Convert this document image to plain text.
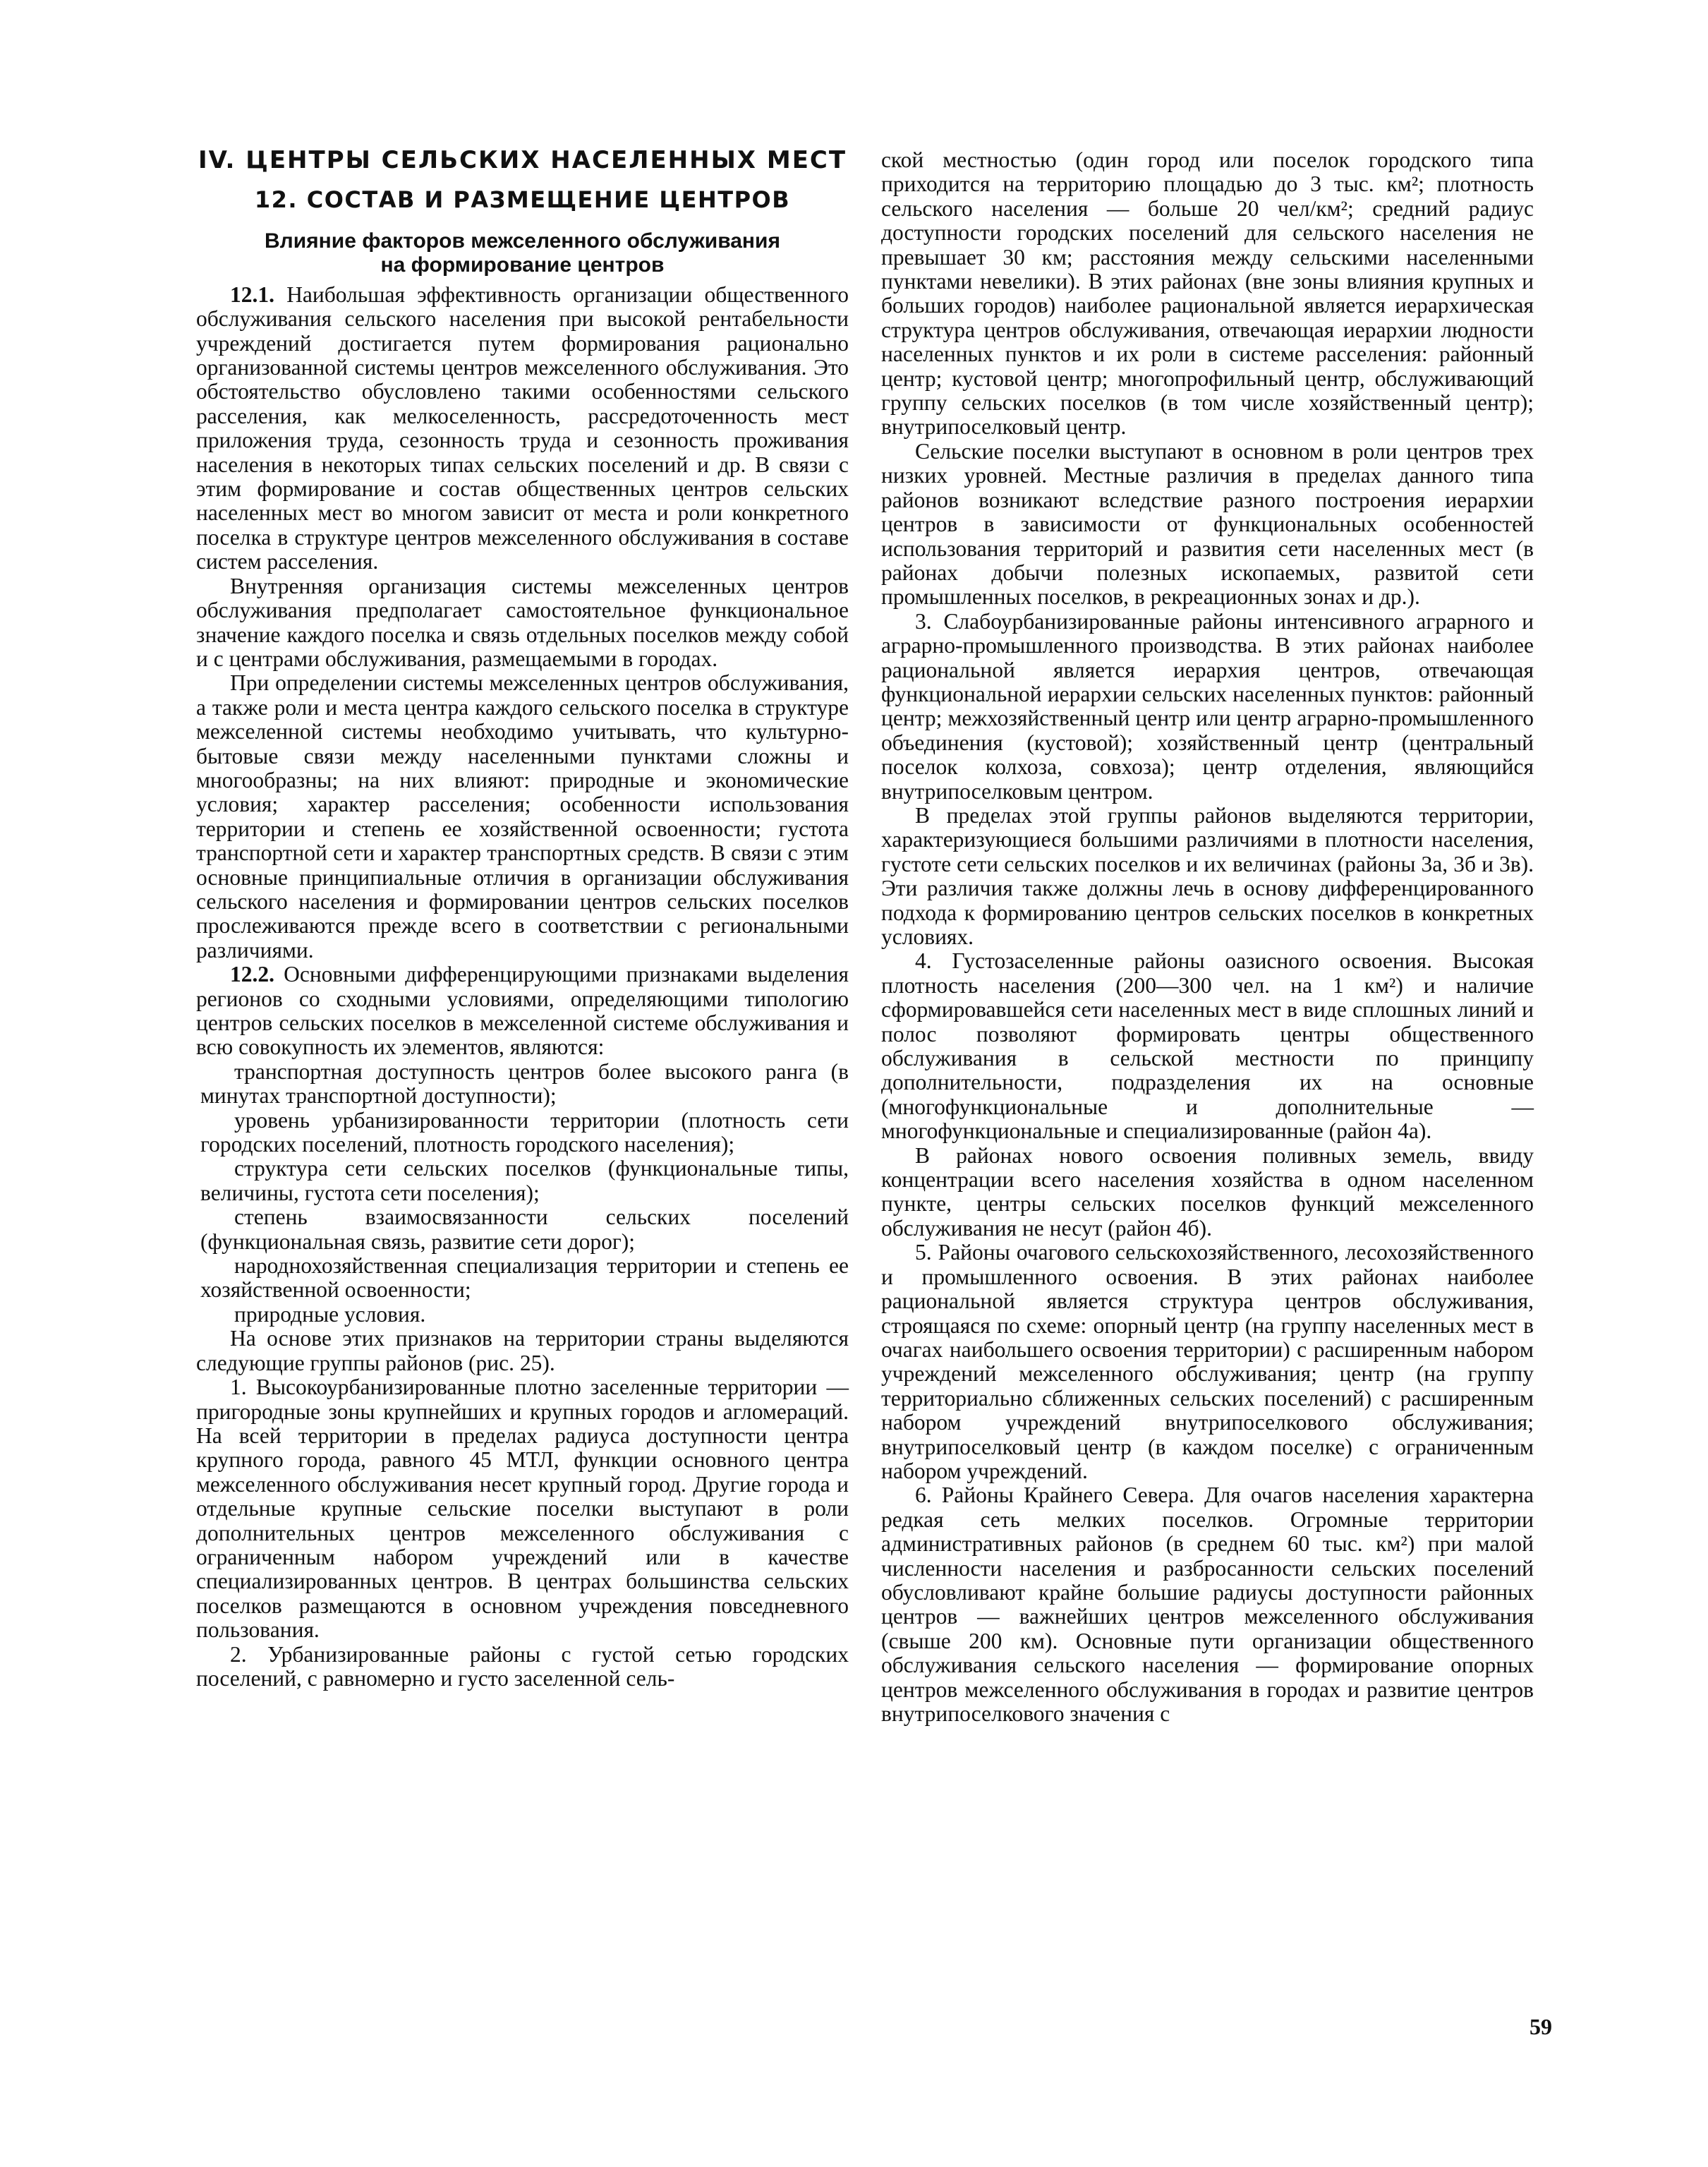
IV. ЦЕНТРЫ СЕЛЬСКИХ НАСЕЛЕННЫХ МЕСТ
12. СОСТАВ И РАЗМЕЩЕНИЕ ЦЕНТРОВ
Влияние факторов межселенного обслуживания
на формирование центров

12.1. Наибольшая эффективность организации общественного обслуживания сельского населения при высокой рентабельности учреждений достигается путем формирования рационально организованной системы центров межселенного обслуживания. Это обстоятельство обусловлено такими особенностями сельского расселения, как мелкоселенность, рассредоточенность мест приложения труда, сезонность труда и сезонность проживания населения в некоторых типах сельских поселений и др. В связи с этим формирование и состав общественных центров сельских населенных мест во многом зависит от места и роли конкретного поселка в структуре центров межселенного обслуживания в составе систем расселения.

Внутренняя организация системы межселенных центров обслуживания предполагает самостоятельное функциональное значение каждого поселка и связь отдельных поселков между собой и с центрами обслуживания, размещаемыми в городах.

При определении системы межселенных центров обслуживания, а также роли и места центра каждого сельского поселка в структуре межселенной системы необходимо учитывать, что культурно-бытовые связи между населенными пунктами сложны и многообразны; на них влияют: природные и экономические условия; характер расселения; особенности использования территории и степень ее хозяйственной освоенности; густота транспортной сети и характер транспортных средств. В связи с этим основные принципиальные отличия в организации обслуживания сельского населения и формировании центров сельских поселков прослеживаются прежде всего в соответствии с региональными различиями.

12.2. Основными дифференцирующими признаками выделения регионов со сходными условиями, определяющими типологию центров сельских поселков в межселенной системе обслуживания и всю совокупность их элементов, являются:

транспортная доступность центров более высокого ранга (в минутах транспортной доступности);

уровень урбанизированности территории (плотность сети городских поселений, плотность городского населения);

структура сети сельских поселков (функциональные типы, величины, густота сети поселения);

степень взаимосвязанности сельских поселений (функциональная связь, развитие сети дорог);

народнохозяйственная специализация территории и степень ее хозяйственной освоенности;

природные условия.

На основе этих признаков на территории страны выделяются следующие группы районов (рис. 25).

1. Высокоурбанизированные плотно заселенные территории — пригородные зоны крупнейших и крупных городов и агломераций. На всей территории в пределах радиуса доступности центра крупного города, равного 45 МТЛ, функции основного центра межселенного обслуживания несет крупный город. Другие города и отдельные крупные сельские поселки выступают в роли дополнительных центров межселенного обслуживания с ограниченным набором учреждений или в качестве специализированных центров. В центрах большинства сельских поселков размещаются в основном учреждения повседневного пользования.

2. Урбанизированные районы с густой сетью городских поселений, с равномерно и густо заселенной сель-

ской местностью (один город или поселок городского типа приходится на территорию площадью до 3 тыс. км²; плотность сельского населения — больше 20 чел/км²; средний радиус доступности городских поселений для сельского населения не превышает 30 км; расстояния между сельскими населенными пунктами невелики). В этих районах (вне зоны влияния крупных и больших городов) наиболее рациональной является иерархическая структура центров обслуживания, отвечающая иерархии людности населенных пунктов и их роли в системе расселения: районный центр; кустовой центр; многопрофильный центр, обслуживающий группу сельских поселков (в том числе хозяйственный центр); внутрипоселковый центр.

Сельские поселки выступают в основном в роли центров трех низких уровней. Местные различия в пределах данного типа районов возникают вследствие разного построения иерархии центров в зависимости от функциональных особенностей использования территорий и развития сети населенных мест (в районах добычи полезных ископаемых, развитой сети промышленных поселков, в рекреационных зонах и др.).

3. Слабоурбанизированные районы интенсивного аграрного и аграрно-промышленного производства. В этих районах наиболее рациональной является иерархия центров, отвечающая функциональной иерархии сельских населенных пунктов: районный центр; межхозяйственный центр или центр аграрно-промышленного объединения (кустовой); хозяйственный центр (центральный поселок колхоза, совхоза); центр отделения, являющийся внутрипоселковым центром.

В пределах этой группы районов выделяются территории, характеризующиеся большими различиями в плотности населения, густоте сети сельских поселков и их величинах (районы 3а, 3б и 3в). Эти различия также должны лечь в основу дифференцированного подхода к формированию центров сельских поселков в конкретных условиях.

4. Густозаселенные районы оазисного освоения. Высокая плотность населения (200—300 чел. на 1 км²) и наличие сформировавшейся сети населенных мест в виде сплошных линий и полос позволяют формировать центры общественного обслуживания в сельской местности по принципу дополнительности, подразделения их на основные (многофункциональные и дополнительные — многофункциональные и специализированные (район 4а).

В районах нового освоения поливных земель, ввиду концентрации всего населения хозяйства в одном населенном пункте, центры сельских поселков функций межселенного обслуживания не несут (район 4б).

5. Районы очагового сельскохозяйственного, лесохозяйственного и промышленного освоения. В этих районах наиболее рациональной является структура центров обслуживания, строящаяся по схеме: опорный центр (на группу населенных мест в очагах наибольшего освоения территории) с расширенным набором учреждений межселенного обслуживания; центр (на группу территориально сближенных сельских поселений) с расширенным набором учреждений внутрипоселкового обслуживания; внутрипоселковый центр (в каждом поселке) с ограниченным набором учреждений.

6. Районы Крайнего Севера. Для очагов населения характерна редкая сеть мелких поселков. Огромные территории административных районов (в среднем 60 тыс. км²) при малой численности населения и разбросанности сельских поселений обусловливают крайне большие радиусы доступности районных центров — важнейших центров межселенного обслуживания (свыше 200 км). Основные пути организации общественного обслуживания сельского населения — формирование опорных центров межселенного обслуживания в городах и развитие центров внутрипоселкового значения с

59
